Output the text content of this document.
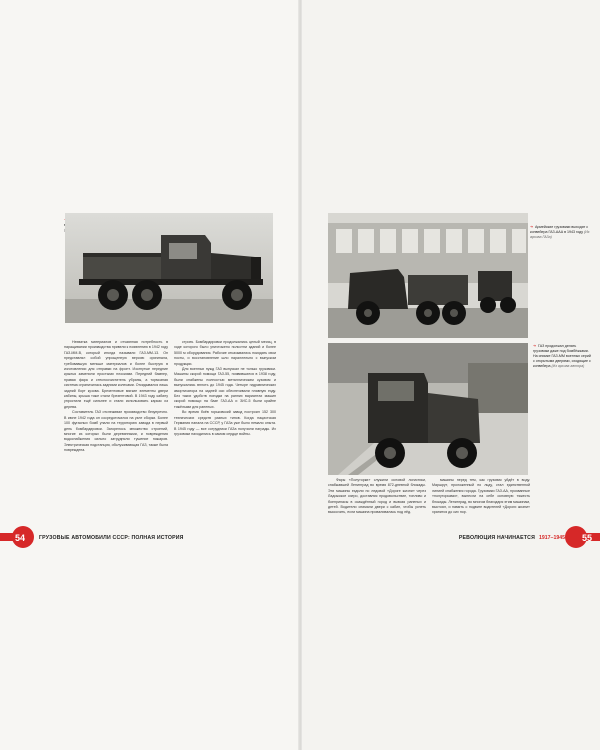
Нехватка материалов и отчаянная потребность в наращивании производства привели к появлению в 1942 году ГАЗ-ММ-В, который иногда называли ГАЗ-ММ-13. Он представлял собой упрощенную версию оригинала, требовавшую меньше материалов и более быструю в изготовлении для отправки на фронт. Изогнутые передние крылья заменили простыми плоскими. Передний бампер, правая фара и стеклоочиститель убраны, а тормозная система ограничилась задними колесами. Откидывался лишь задний борт кузова. Брезентовые мягкие элементы двери кабины, крыша тоже стали брезентовой. В 1943 году кабину упростили ещё сильнее и стали использовать каркас из дерева.

Составитель ГАЗ отслеживал производство безупречно. В июне 1942 года он сосредоточился на узле сборки. Более 100 фугасных бомб упали на территорию завода в первый день бомбардировки. Загорелось множество строений, многие из которых были деревянными, и повреждения водоснабжения сильно затрудняли тушение пожаров. Электрическая подстанция, обслуживающая ГАЗ, также была повреждена.

строек. Бомбардировки продолжались целый месяц, в ходе которого было уничтожено полсотни зданий и более 5000 м оборудования. Рабочие отказывались покидать свои посты, и восстановление шло параллельно с выпуском продукции.

Для военных нужд ГАЗ выпускал не только грузовики. Машины скорой помощи ГАЗ-55, появившиеся в 1938 году, были снабжены полностью металлическим кузовом и выпускались вплоть до 1945 года. Четыре гидравлических амортизатора на задней оси обеспечивали плавную езду. Без таких удобств поездки на ранних вариантах машин скорой помощи на базе ГАЗ-АА и ЗИС-5 были крайне тяжёлыми для раненых.

Во время боёв горьковский завод построил 152 300 технических средств разных типов. Когда нацистская Германия напала на СССР, у ГАЗа уже было немало опыта. В 1945 году — все сотрудники ГАЗа получили награды. Их грузовики находились в самом сердце войны.

54	ГРУЗОВЫЕ АВТОМОБИЛИ СССР: ПОЛНАЯ ИСТОРИЯ
➔ Армейские грузовики выходят с конвейера ГАЗ-ААА в 1943 году (Из архива ГАЗа)
➔ ГАЗ продолжал делать грузовики даже под бомбёжками. На снимке ГАЗ-ММ военных серий с открытыми дверями, сходящие с конвейера (Из архива автора)

Фары «Полуторки» служили основой логистики, снабжавшей Ленинград во время 872-дневной блокады. Эти машины ездили по ледовой «Дороге жизни» через Ладожское озеро, доставляя продовольствие, топливо и боеприпасы в осаждённый город и вывозя раненых и детей. Водители снимали двери с кабин, чтобы успеть выскочить, если машина проваливалась под лёд.

машины перед тем, как грузовик уйдёт в воду. Маршрут, проложенный по льду, стал единственной линией снабжения города. Грузовики ГАЗ-АА, прозванные «полуторками», вынесли на себе основную тяжесть блокады. Ленинград, во многом благодаря этим машинам, выстоял, и память о подвиге водителей «Дороги жизни» хранится до сих пор.

РЕВОЛЮЦИЯ НАЧИНАЕТСЯ 1917–1945 55
